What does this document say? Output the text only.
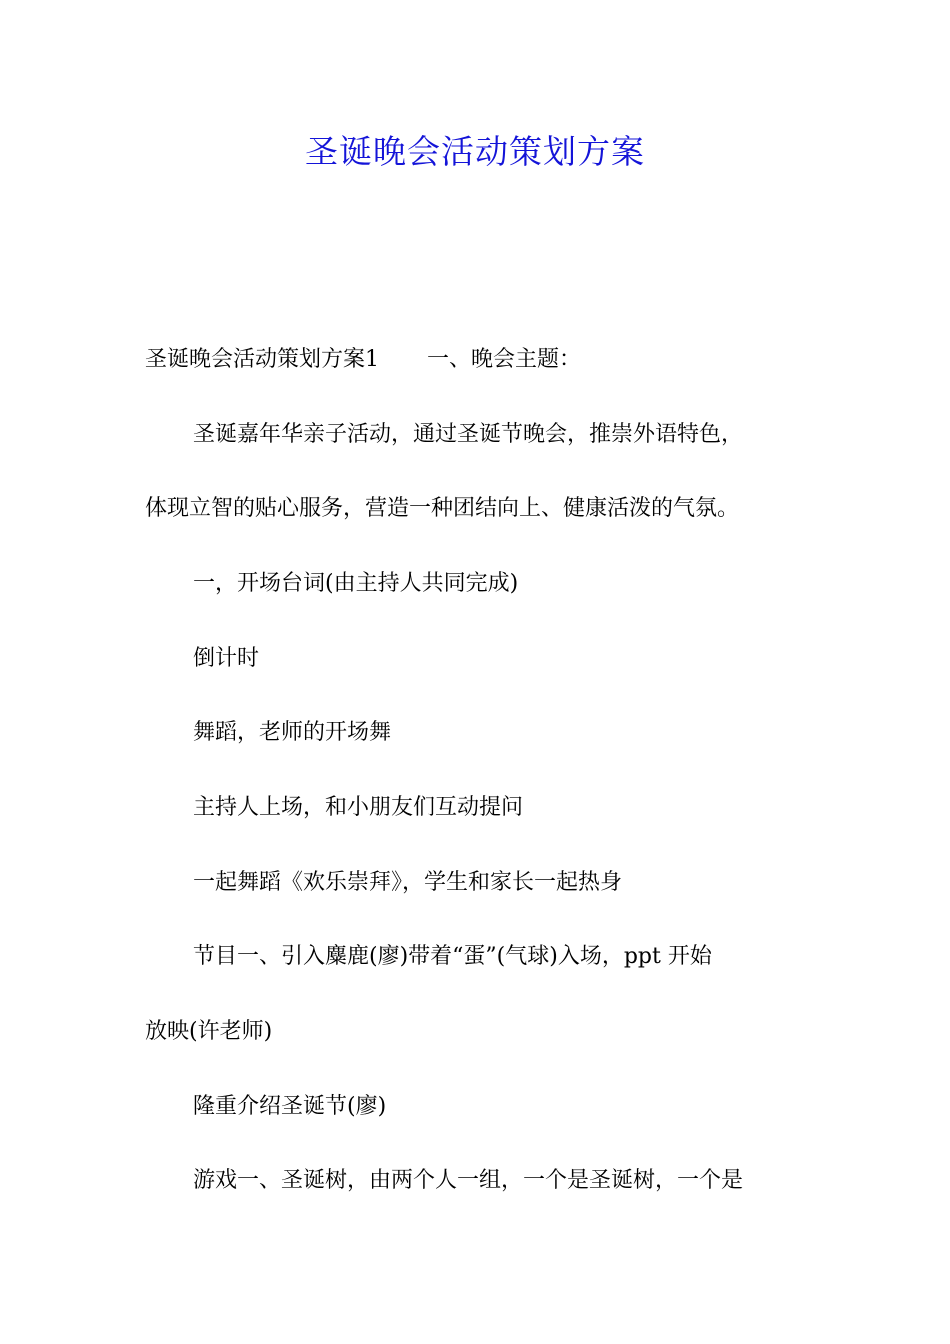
圣诞晚会活动策划方案
圣诞晚会活动策划方案1 一、晚会主题：
圣诞嘉年华亲子活动，通过圣诞节晚会，推崇外语特色，
体现立智的贴心服务，营造一种团结向上、健康活泼的气氛。
一，开场台词(由主持人共同完成)
倒计时
舞蹈，老师的开场舞
主持人上场，和小朋友们互动提问
一起舞蹈《欢乐崇拜》，学生和家长一起热身
节目一、引入麋鹿(廖)带着“蛋”(气球)入场，ppt 开始
放映(许老师)
隆重介绍圣诞节(廖)
游戏一、圣诞树，由两个人一组，一个是圣诞树，一个是
